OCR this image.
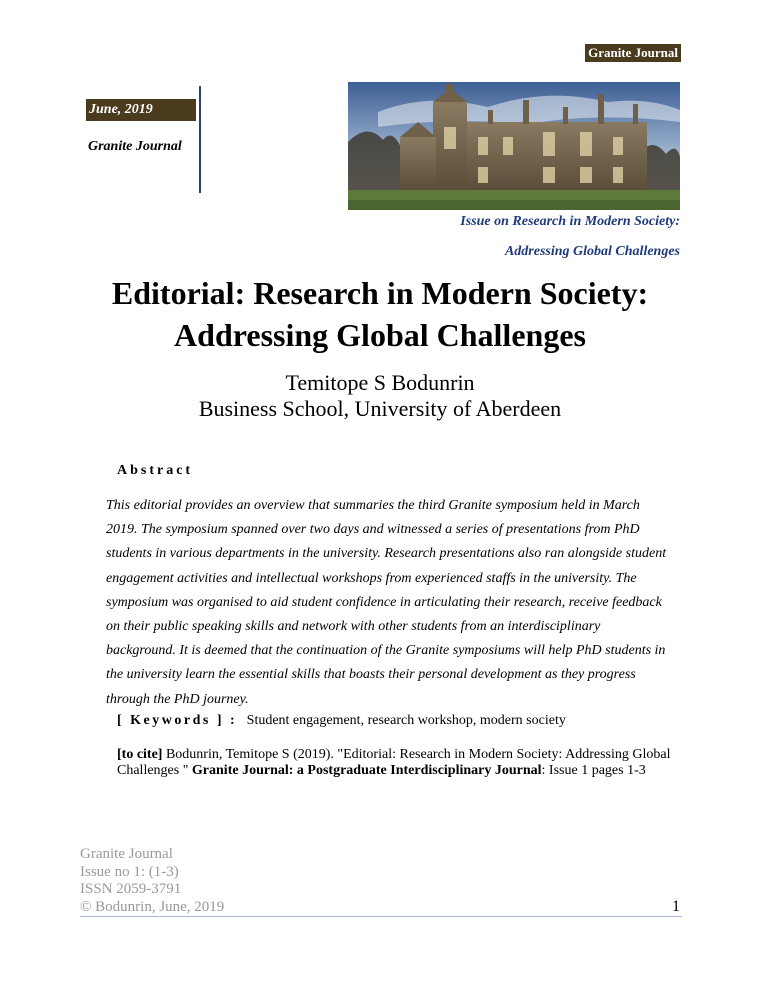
Granite Journal
June, 2019
Granite Journal
Issue on Research in Modern Society:
Addressing Global Challenges
Editorial: Research in Modern Society:
Addressing Global Challenges
Temitope S Bodunrin
Business School, University of Aberdeen
Abstract
This editorial provides an overview that summaries the third Granite symposium held in March 2019. The symposium spanned over two days and witnessed a series of presentations from PhD students in various departments in the university. Research presentations also ran alongside student engagement activities and intellectual workshops from experienced staffs in the university. The symposium was organised to aid student confidence in articulating their research, receive feedback on their public speaking skills and network with other students from an interdisciplinary background. It is deemed that the continuation of the Granite symposiums will help PhD students in the university learn the essential skills that boasts their personal development as they progress through the PhD journey.
[ Keywords ] : Student engagement, research workshop, modern society
[to cite] Bodunrin, Temitope S (2019). "Editorial: Research in Modern Society: Addressing Global Challenges " Granite Journal: a Postgraduate Interdisciplinary Journal: Issue 1 pages 1-3
Granite Journal
Issue no 1: (1-3)
ISSN 2059-3791
© Bodunrin, June, 2019	1
